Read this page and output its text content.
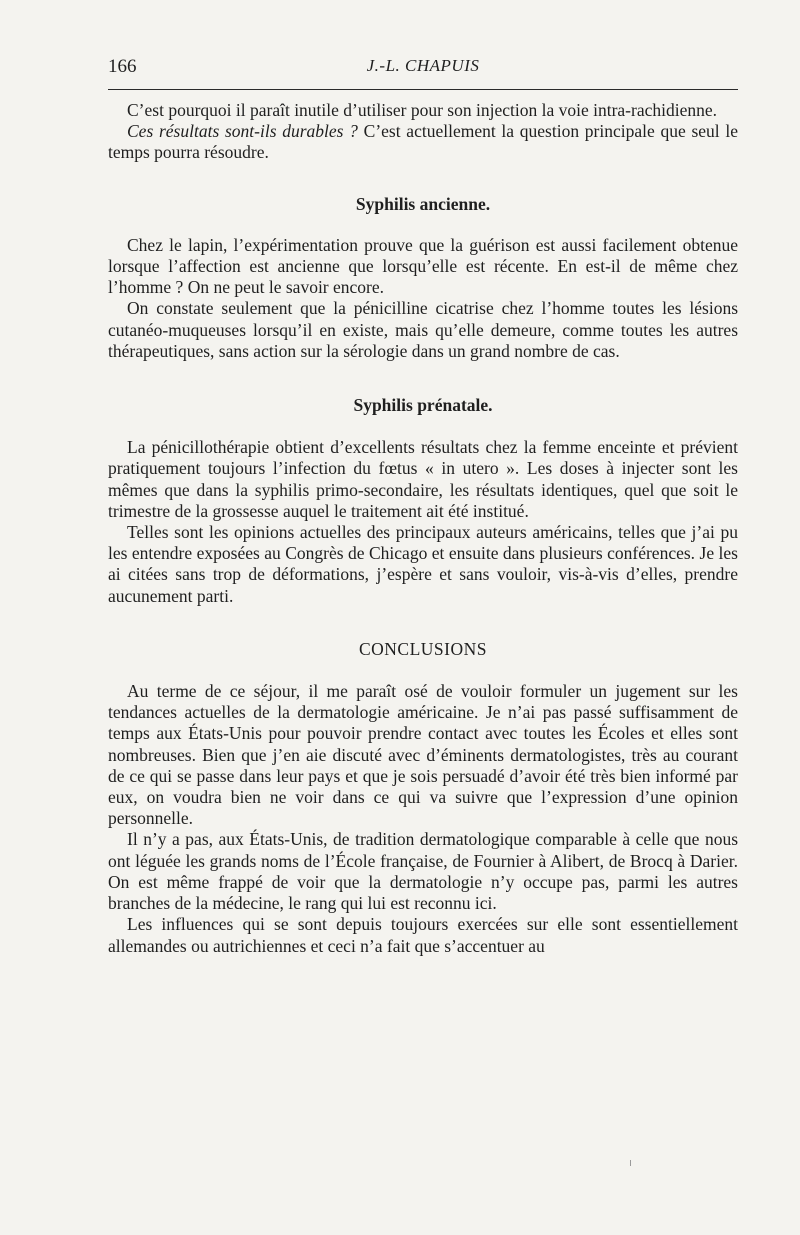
166	J.-L. CHAPUIS

C’est pourquoi il paraît inutile d’utiliser pour son injection la voie intra-rachidienne.

Ces résultats sont-ils durables ? C’est actuellement la question principale que seul le temps pourra résoudre.

Syphilis ancienne.

Chez le lapin, l’expérimentation prouve que la guérison est aussi facilement obtenue lorsque l’affection est ancienne que lorsqu’elle est récente. En est-il de même chez l’homme ? On ne peut le savoir encore.

On constate seulement que la pénicilline cicatrise chez l’homme toutes les lésions cutanéo-muqueuses lorsqu’il en existe, mais qu’elle demeure, comme toutes les autres thérapeutiques, sans action sur la sérologie dans un grand nombre de cas.

Syphilis prénatale.

La pénicillothérapie obtient d’excellents résultats chez la femme enceinte et prévient pratiquement toujours l’infection du fœtus « in utero ». Les doses à injecter sont les mêmes que dans la syphilis primo-secondaire, les résultats identiques, quel que soit le trimestre de la grossesse auquel le traitement ait été institué.

Telles sont les opinions actuelles des principaux auteurs américains, telles que j’ai pu les entendre exposées au Congrès de Chicago et ensuite dans plusieurs conférences. Je les ai citées sans trop de déformations, j’espère et sans vouloir, vis-à-vis d’elles, prendre aucunement parti.

CONCLUSIONS

Au terme de ce séjour, il me paraît osé de vouloir formuler un jugement sur les tendances actuelles de la dermatologie américaine. Je n’ai pas passé suffisamment de temps aux États-Unis pour pouvoir prendre contact avec toutes les Écoles et elles sont nombreuses. Bien que j’en aie discuté avec d’éminents dermatologistes, très au courant de ce qui se passe dans leur pays et que je sois persuadé d’avoir été très bien informé par eux, on voudra bien ne voir dans ce qui va suivre que l’expression d’une opinion personnelle.

Il n’y a pas, aux États-Unis, de tradition dermatologique comparable à celle que nous ont léguée les grands noms de l’École française, de Fournier à Alibert, de Brocq à Darier. On est même frappé de voir que la dermatologie n’y occupe pas, parmi les autres branches de la médecine, le rang qui lui est reconnu ici.

Les influences qui se sont depuis toujours exercées sur elle sont essentiellement allemandes ou autrichiennes et ceci n’a fait que s’accentuer au
